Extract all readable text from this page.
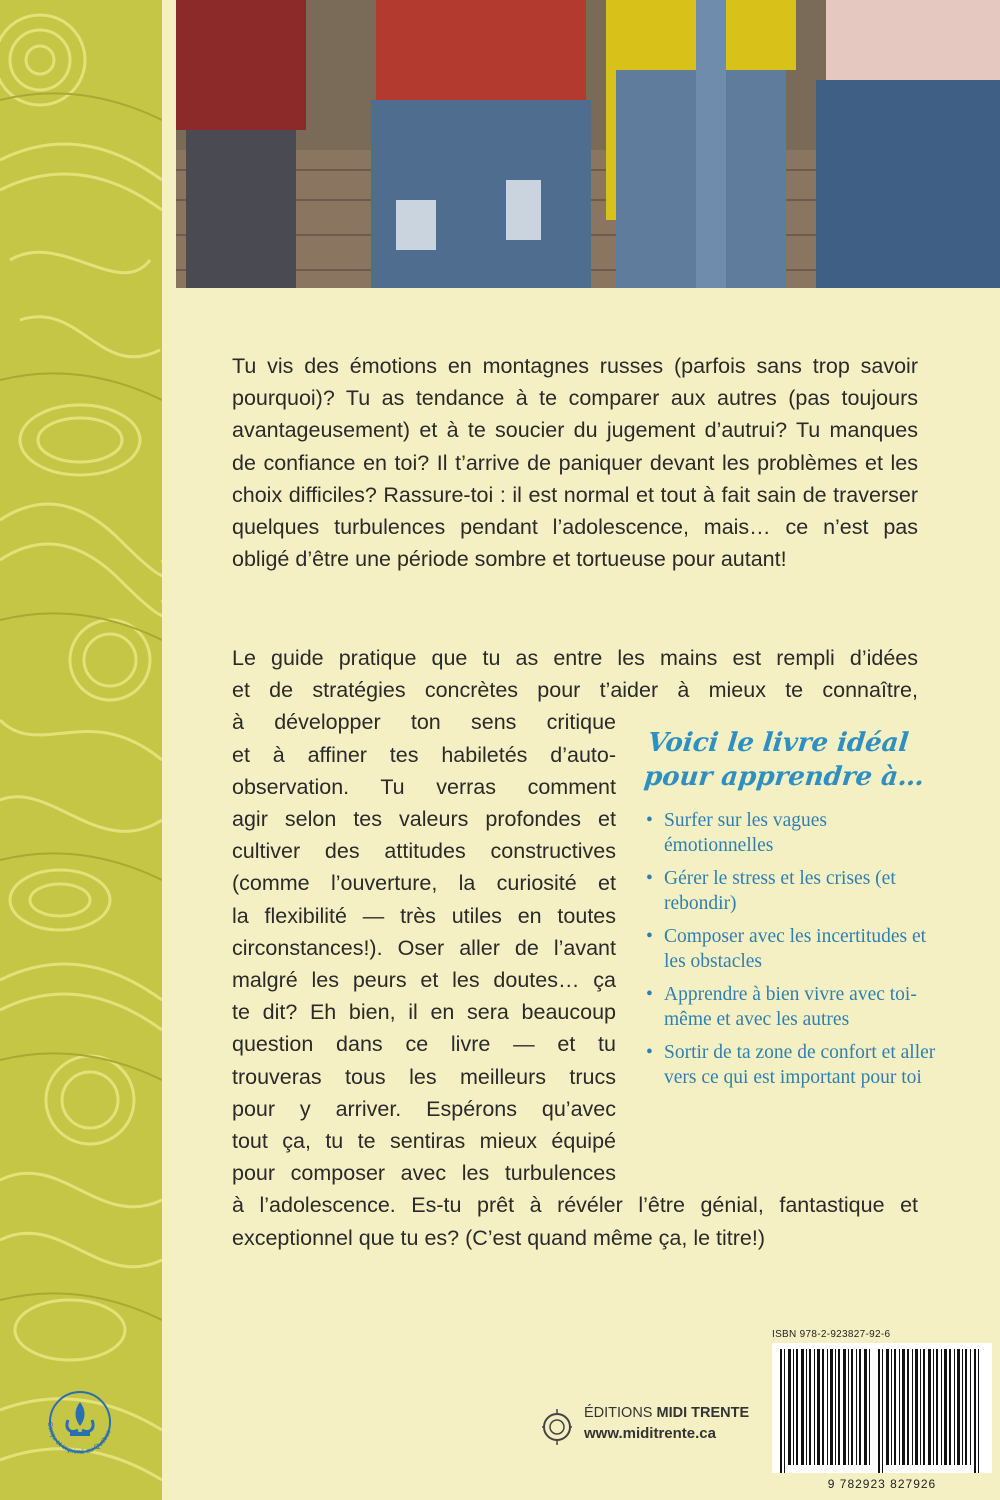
Tu vis des émotions en montagnes russes (parfois sans trop savoir pourquoi)? Tu as tendance à te comparer aux autres (pas toujours avantageusement) et à te soucier du jugement d’autrui? Tu manques de confiance en toi? Il t’arrive de paniquer devant les problèmes et les choix difficiles? Rassure-toi : il est normal et tout à fait sain de traverser quelques turbulences pendant l’adolescence, mais… ce n’est pas obligé d’être une période sombre et tortueuse pour autant!

Le guide pratique que tu as entre les mains est rempli d’idées
et de stratégies concrètes pour t’aider à mieux te connaître,
à développer ton sens critique
et à affiner tes habiletés d’auto-
observation. Tu verras comment
agir selon tes valeurs profondes et
cultiver des attitudes constructives
(comme l’ouverture, la curiosité et
la flexibilité — très utiles en toutes
circonstances!). Oser aller de l’avant
malgré les peurs et les doutes… ça
te dit? Eh bien, il en sera beaucoup
question dans ce livre — et tu
trouveras tous les meilleurs trucs
pour y arriver. Espérons qu’avec
tout ça, tu te sentiras mieux équipé
pour composer avec les turbulences
à l’adolescence. Es-tu prêt à révéler l’être génial, fantastique et
exceptionnel que tu es? (C’est quand même ça, le titre!)

Voici le livre idéal
pour apprendre à…

• Surfer sur les vagues émotionnelles
• Gérer le stress et les crises (et rebondir)
• Composer avec les incertitudes et les obstacles
• Apprendre à bien vivre avec toi-même et avec les autres
• Sortir de ta zone de confort et aller vers ce qui est important pour toi
Conçu et imprimé au Québec
ÉDITIONS MIDI TRENTE
www.miditrente.ca
ISBN 978-2-923827-92-6
9 782923 827926
